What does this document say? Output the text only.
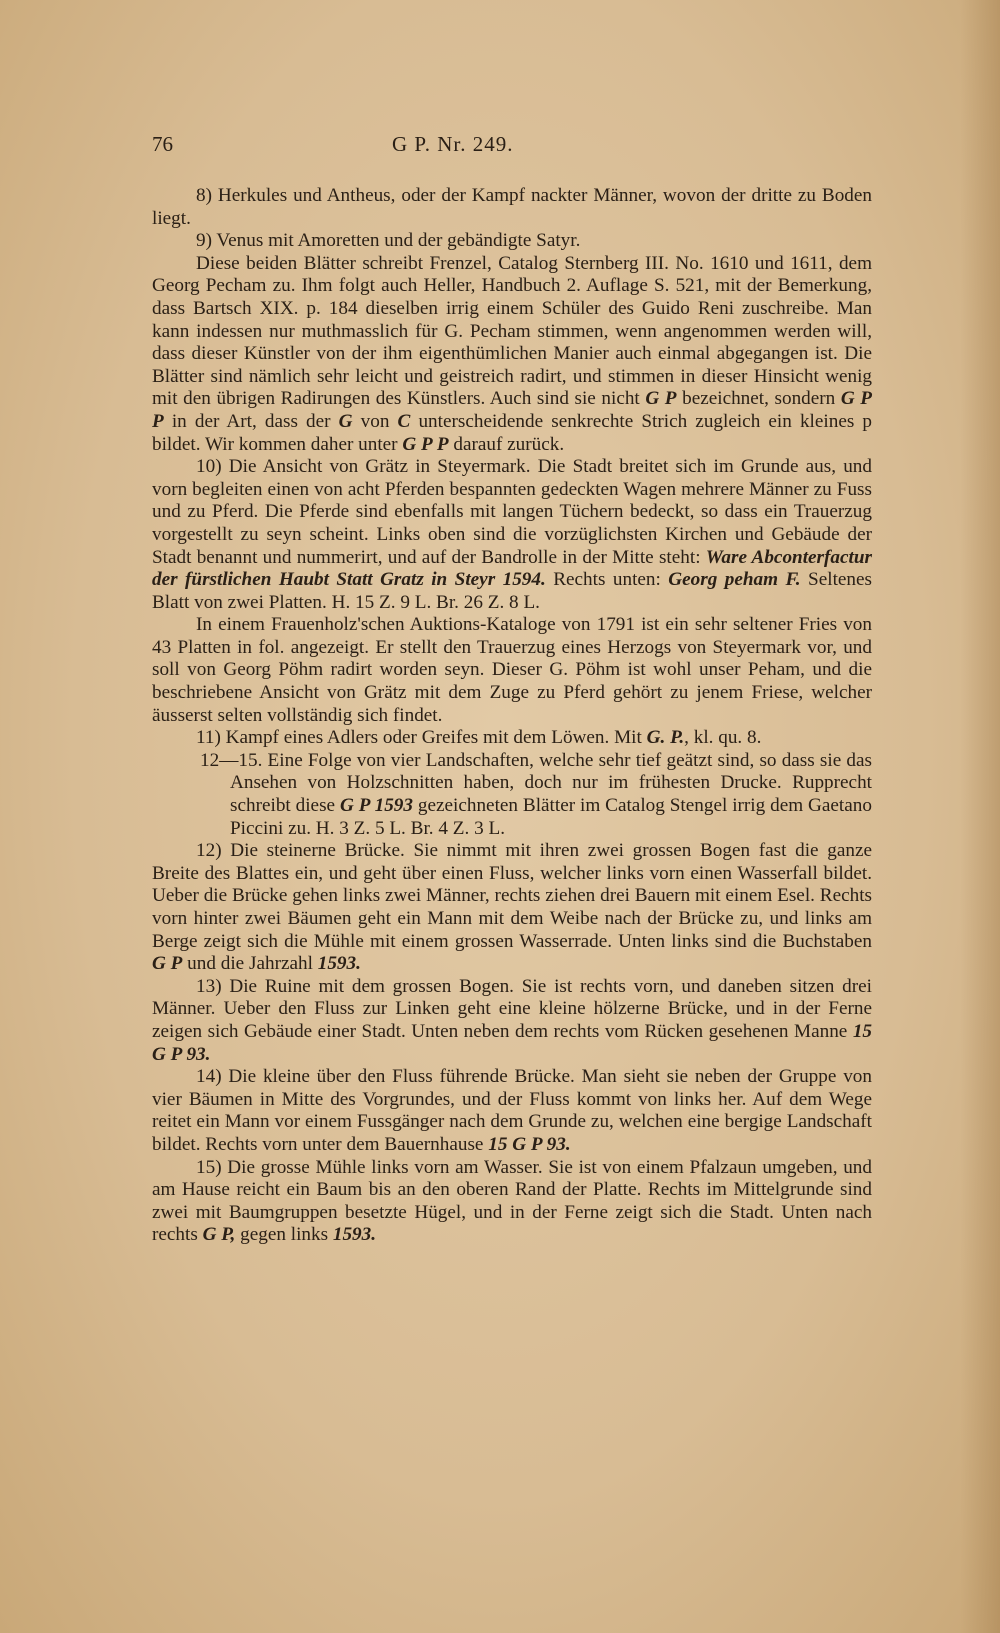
76	G P. Nr. 249.

8) Herkules und Antheus, oder der Kampf nackter Männer, wovon der dritte zu Boden liegt.

9) Venus mit Amoretten und der gebändigte Satyr.

Diese beiden Blätter schreibt Frenzel, Catalog Sternberg III. No. 1610 und 1611, dem Georg Pecham zu. Ihm folgt auch Heller, Handbuch 2. Auflage S. 521, mit der Bemerkung, dass Bartsch XIX. p. 184 dieselben irrig einem Schüler des Guido Reni zuschreibe. Man kann indessen nur muthmasslich für G. Pecham stimmen, wenn angenommen werden will, dass dieser Künstler von der ihm eigenthümlichen Manier auch einmal abgegangen ist. Die Blätter sind nämlich sehr leicht und geistreich radirt, und stimmen in dieser Hinsicht wenig mit den übrigen Radirungen des Künstlers. Auch sind sie nicht G P bezeichnet, sondern G P P in der Art, dass der G von C unterscheidende senkrechte Strich zugleich ein kleines p bildet. Wir kommen daher unter G P P darauf zurück.

10) Die Ansicht von Grätz in Steyermark. Die Stadt breitet sich im Grunde aus, und vorn begleiten einen von acht Pferden bespannten gedeckten Wagen mehrere Männer zu Fuss und zu Pferd. Die Pferde sind ebenfalls mit langen Tüchern bedeckt, so dass ein Trauerzug vorgestellt zu seyn scheint. Links oben sind die vorzüglichsten Kirchen und Gebäude der Stadt benannt und nummerirt, und auf der Bandrolle in der Mitte steht: Ware Abconterfactur der fürstlichen Haubt Statt Gratz in Steyr 1594. Rechts unten: Georg peham F. Seltenes Blatt von zwei Platten. H. 15 Z. 9 L. Br. 26 Z. 8 L.

In einem Frauenholz'schen Auktions-Kataloge von 1791 ist ein sehr seltener Fries von 43 Platten in fol. angezeigt. Er stellt den Trauerzug eines Herzogs von Steyermark vor, und soll von Georg Pöhm radirt worden seyn. Dieser G. Pöhm ist wohl unser Peham, und die beschriebene Ansicht von Grätz mit dem Zuge zu Pferd gehört zu jenem Friese, welcher äusserst selten vollständig sich findet.

11) Kampf eines Adlers oder Greifes mit dem Löwen. Mit G. P., kl. qu. 8.

12—15. Eine Folge von vier Landschaften, welche sehr tief geätzt sind, so dass sie das Ansehen von Holzschnitten haben, doch nur im frühesten Drucke. Rupprecht schreibt diese G P 1593 gezeichneten Blätter im Catalog Stengel irrig dem Gaetano Piccini zu. H. 3 Z. 5 L. Br. 4 Z. 3 L.

12) Die steinerne Brücke. Sie nimmt mit ihren zwei grossen Bogen fast die ganze Breite des Blattes ein, und geht über einen Fluss, welcher links vorn einen Wasserfall bildet. Ueber die Brücke gehen links zwei Männer, rechts ziehen drei Bauern mit einem Esel. Rechts vorn hinter zwei Bäumen geht ein Mann mit dem Weibe nach der Brücke zu, und links am Berge zeigt sich die Mühle mit einem grossen Wasserrade. Unten links sind die Buchstaben G P und die Jahrzahl 1593.

13) Die Ruine mit dem grossen Bogen. Sie ist rechts vorn, und daneben sitzen drei Männer. Ueber den Fluss zur Linken geht eine kleine hölzerne Brücke, und in der Ferne zeigen sich Gebäude einer Stadt. Unten neben dem rechts vom Rücken gesehenen Manne 15 G P 93.

14) Die kleine über den Fluss führende Brücke. Man sieht sie neben der Gruppe von vier Bäumen in Mitte des Vorgrundes, und der Fluss kommt von links her. Auf dem Wege reitet ein Mann vor einem Fussgänger nach dem Grunde zu, welchen eine bergige Landschaft bildet. Rechts vorn unter dem Bauernhause 15 G P 93.

15) Die grosse Mühle links vorn am Wasser. Sie ist von einem Pfalzaun umgeben, und am Hause reicht ein Baum bis an den oberen Rand der Platte. Rechts im Mittelgrunde sind zwei mit Baumgruppen besetzte Hügel, und in der Ferne zeigt sich die Stadt. Unten nach rechts G P, gegen links 1593.
